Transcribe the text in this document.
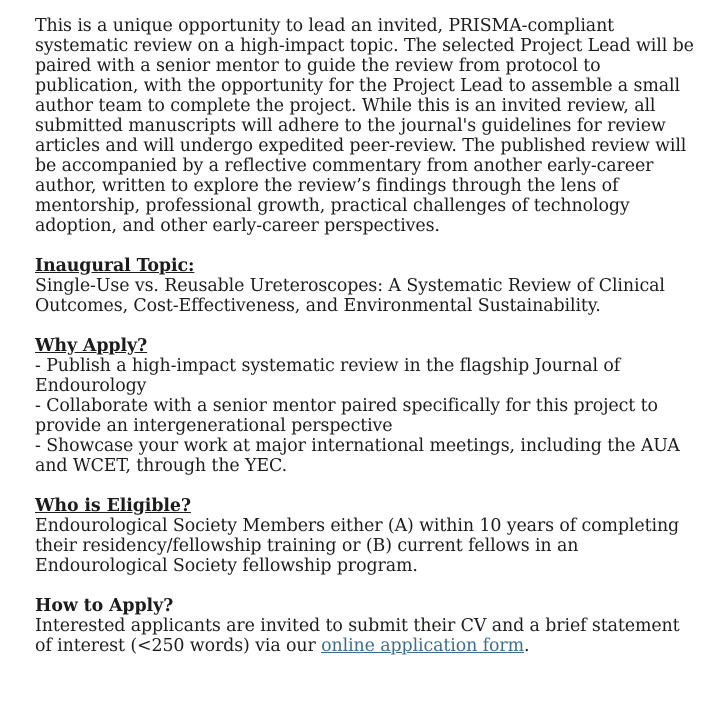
This is a unique opportunity to lead an invited, PRISMA-compliant systematic review on a high-impact topic. The selected Project Lead will be paired with a senior mentor to guide the review from protocol to publication, with the opportunity for the Project Lead to assemble a small author team to complete the project. While this is an invited review, all submitted manuscripts will adhere to the journal's guidelines for review articles and will undergo expedited peer-review. The published review will be accompanied by a reflective commentary from another early-career author, written to explore the review’s findings through the lens of mentorship, professional growth, practical challenges of technology adoption, and other early-career perspectives.

Inaugural Topic:
Single-Use vs. Reusable Ureteroscopes: A Systematic Review of Clinical Outcomes, Cost-Effectiveness, and Environmental Sustainability.
Why Apply?
- Publish a high-impact systematic review in the flagship Journal of Endourology
- Collaborate with a senior mentor paired specifically for this project to provide an intergenerational perspective
- Showcase your work at major international meetings, including the AUA and WCET, through the YEC.
Who is Eligible?
Endourological Society Members either (A) within 10 years of completing their residency/fellowship training or (B) current fellows in an Endourological Society fellowship program.
How to Apply?
Interested applicants are invited to submit their CV and a brief statement of interest (<250 words) via our online application form.
